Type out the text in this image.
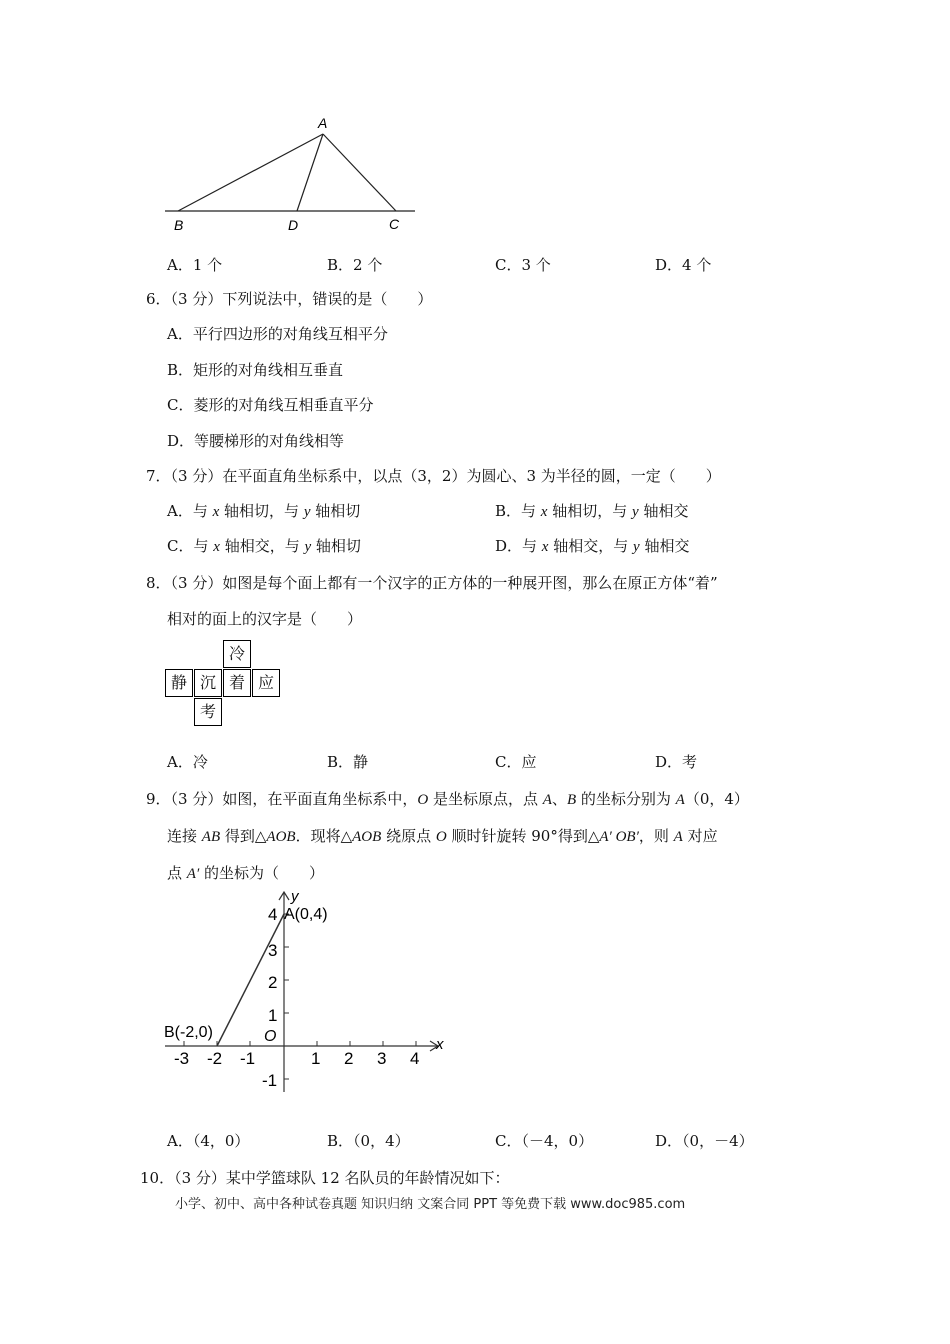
A
B	D	C
A．1 个	B．2 个	C．3 个	D．4 个
6．（3 分）下列说法中，错误的是（　　）
A．平行四边形的对角线互相平分
B．矩形的对角线相互垂直
C．菱形的对角线互相垂直平分
D．等腰梯形的对角线相等
7．（3 分）在平面直角坐标系中，以点（3，2）为圆心、3 为半径的圆，一定（　　）
A．与 x 轴相切，与 y 轴相切	B．与 x 轴相切，与 y 轴相交
C．与 x 轴相交，与 y 轴相切	D．与 x 轴相交，与 y 轴相交
8．（3 分）如图是每个面上都有一个汉字的正方体的一种展开图，那么在原正方体“着”
相对的面上的汉字是（　　）
冷
静 沉 着 应
考
A．冷	B．静	C．应	D．考
9．（3 分）如图，在平面直角坐标系中，O 是坐标原点，点 A、B 的坐标分别为 A（0，4）
连接 AB 得到△AOB．现将△AOB 绕原点 O 顺时针旋转 90°得到△A′ OB′，则 A 对应
点 A′ 的坐标为（　　）
y
x
O
A(0,4)
B(-2,0)
-3 -2 -1	1 2 3 4
4
3
2
1
-1
A．（4，0）	B．（0，4）	C．（－4，0）	D．（0，－4）
10．（3 分）某中学篮球队 12 名队员的年龄情况如下：
小学、初中、高中各种试卷真题 知识归纳 文案合同 PPT 等免费下载 www.doc985.com
